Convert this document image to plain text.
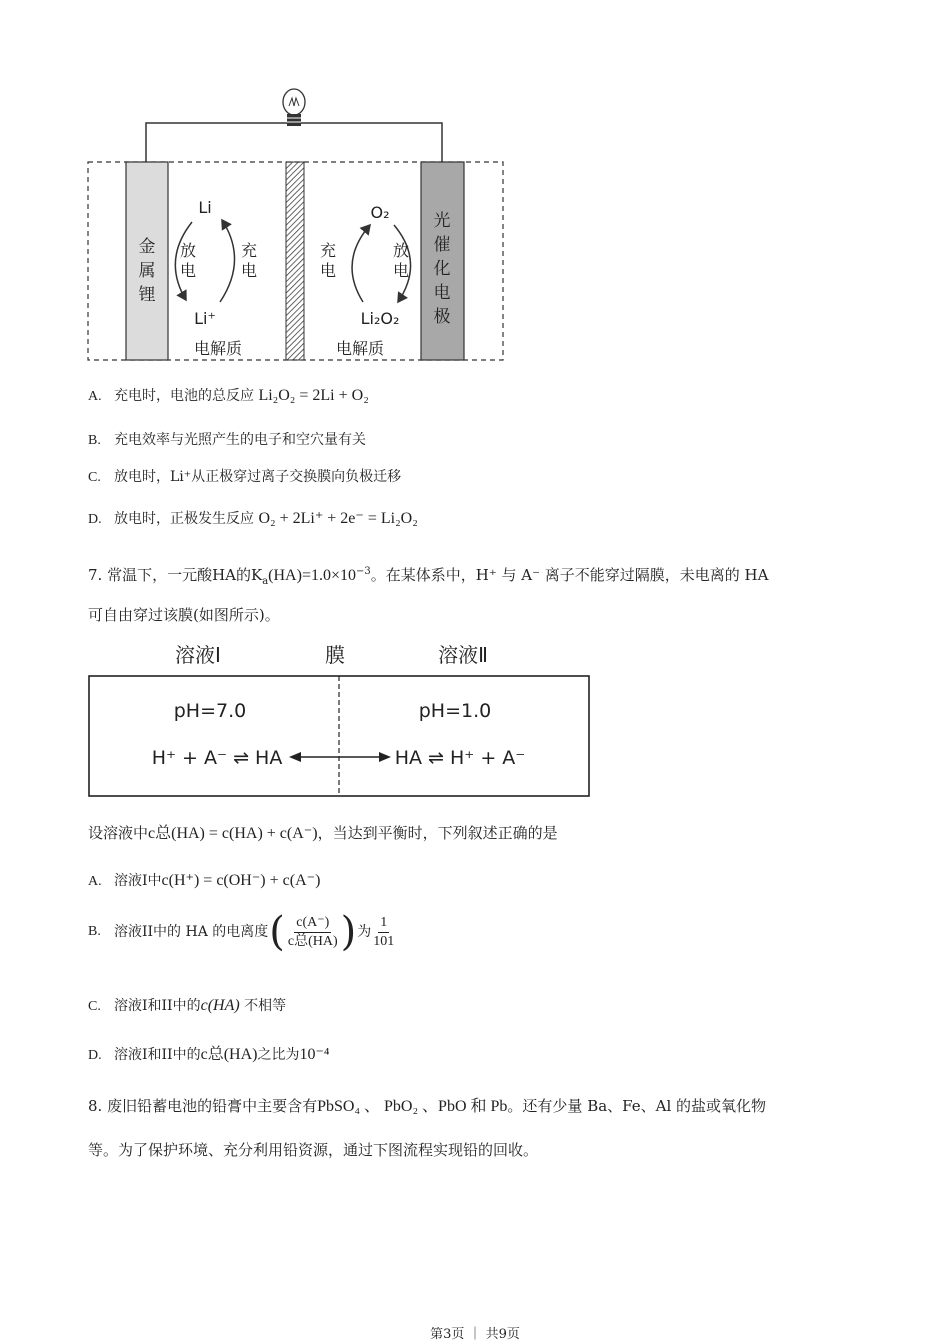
金属锂
光催化电极
Li
Li⁺
放电
充电
O₂
Li₂O₂
充电
放电
电解质	电解质
A. 充电时，电池的总反应 Li₂O₂ = 2Li + O₂
B. 充电效率与光照产生的电子和空穴量有关
C. 放电时，Li⁺从正极穿过离子交换膜向负极迁移
D. 放电时，正极发生反应 O₂ + 2Li⁺ + 2e⁻ = Li₂O₂
7. 常温下，一元酸HA的$K_a(HA)=1.0\times 10^{-3}$。在某体系中，H⁺ 与 A⁻ 离子不能穿过隔膜，未电离的 HA
可自由穿过该膜(如图所示)。
溶液Ⅰ	膜	溶液Ⅱ
pH=7.0	pH=1.0
H⁺ + A⁻ ⇌ HA	HA ⇌ H⁺ + A⁻
设溶液中c总(HA) = c(HA) + c(A⁻)，当达到平衡时，下列叙述正确的是
A. 溶液I中c(H⁺) = c(OH⁻) + c(A⁻)
B. 溶液II中的 HA 的电离度 ( $\frac{c(A^-)}{\text{c总(HA)}}$ ) 为 $\frac{1}{101}$
C. 溶液I和II中的c(HA) 不相等
D. 溶液I和II中的c总(HA)之比为10⁻⁴
8. 废旧铅蓄电池的铅膏中主要含有PbSO₄ 、 PbO₂ 、PbO 和 Pb。还有少量 Ba、Fe、Al 的盐或氧化物
等。为了保护环境、充分利用铅资源，通过下图流程实现铅的回收。
第3页 ｜ 共9页
